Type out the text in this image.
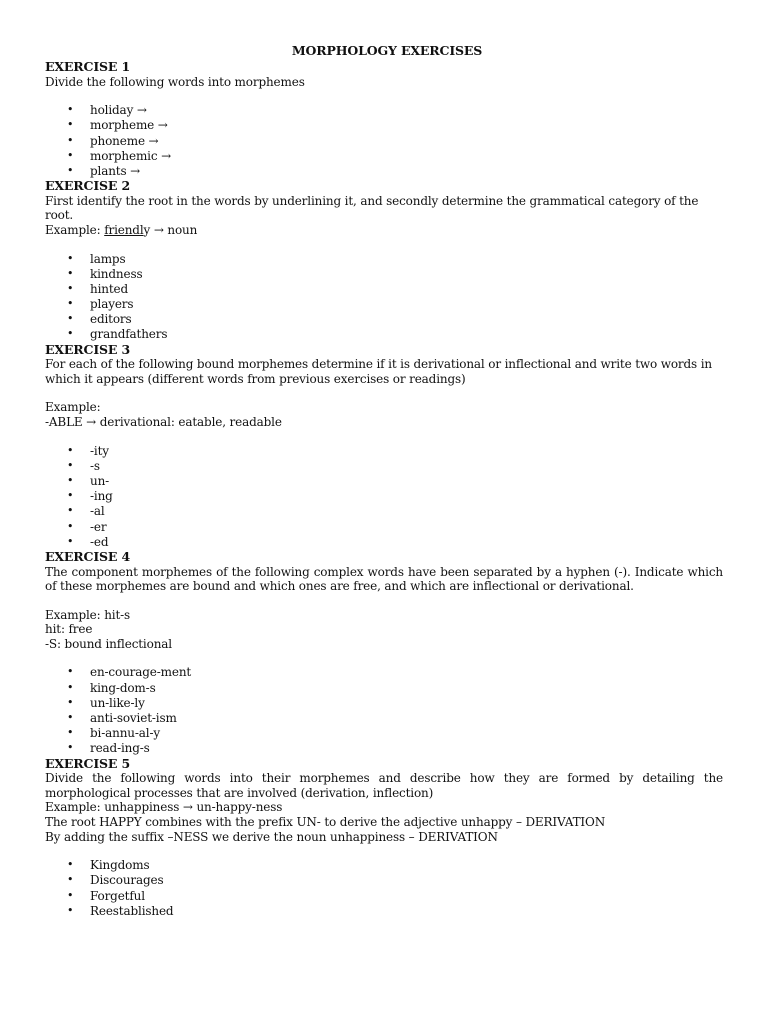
MORPHOLOGY EXERCISES
EXERCISE 1
Divide the following words into morphemes
• holiday →
• morpheme →
• phoneme →
• morphemic →
• plants →
EXERCISE 2
First identify the root in the words by underlining it, and secondly determine the grammatical category of the root.
Example: friendly → noun
• lamps
• kindness
• hinted
• players
• editors
• grandfathers
EXERCISE 3
For each of the following bound morphemes determine if it is derivational or inflectional and write two words in which it appears (different words from previous exercises or readings)
Example:
-ABLE → derivational: eatable, readable
• -ity
• -s
• un-
• -ing
• -al
• -er
• -ed
EXERCISE 4
The component morphemes of the following complex words have been separated by a hyphen (-). Indicate which of these morphemes are bound and which ones are free, and which are inflectional or derivational.
Example: hit-s
hit: free
-S: bound inflectional
• en-courage-ment
• king-dom-s
• un-like-ly
• anti-soviet-ism
• bi-annu-al-y
• read-ing-s
EXERCISE 5
Divide the following words into their morphemes and describe how they are formed by detailing the morphological processes that are involved (derivation, inflection)
Example: unhappiness → un-happy-ness
The root HAPPY combines with the prefix UN- to derive the adjective unhappy – DERIVATION
By adding the suffix –NESS we derive the noun unhappiness – DERIVATION
• Kingdoms
• Discourages
• Forgetful
• Reestablished
